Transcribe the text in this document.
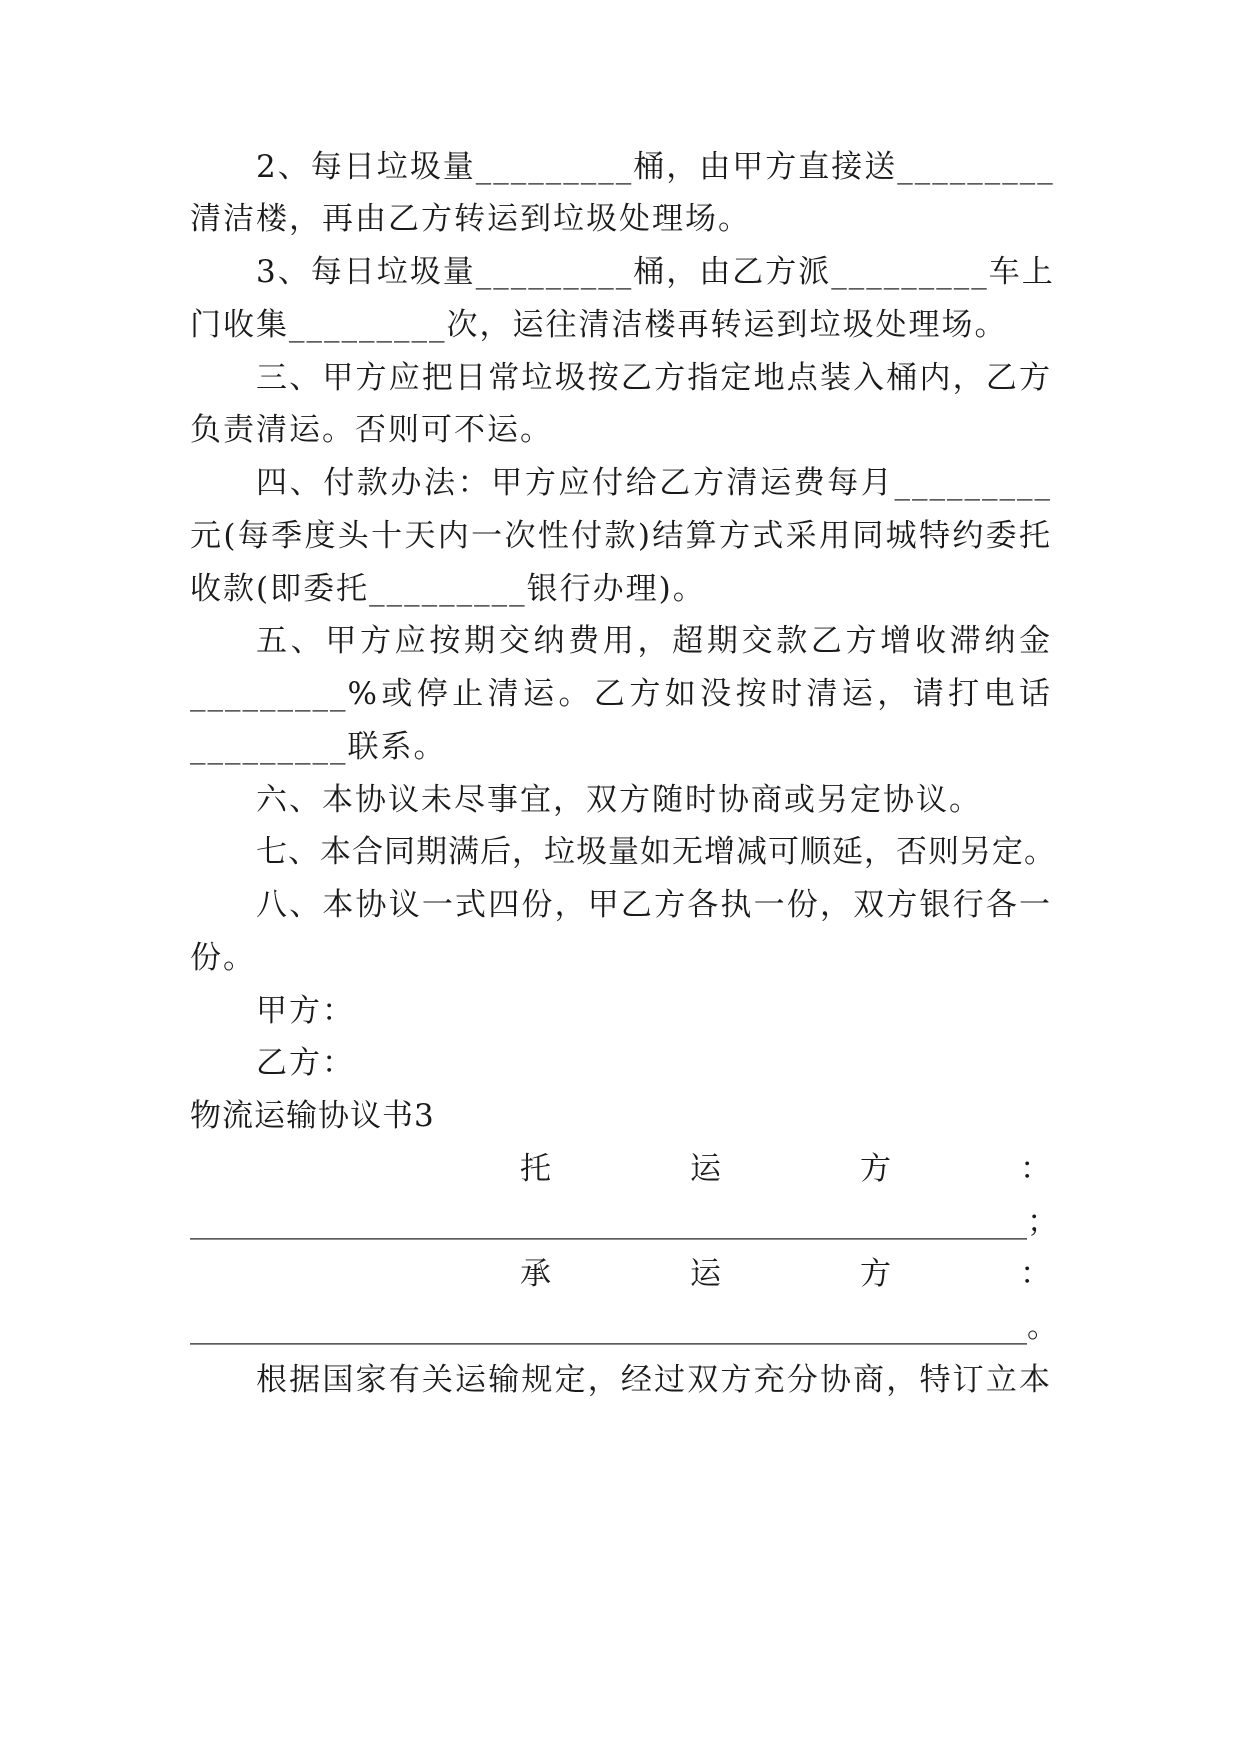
2、每日垃圾量_________桶，由甲方直接送_________
清洁楼，再由乙方转运到垃圾处理场。
3、每日垃圾量_________桶，由乙方派_________车上
门收集_________次，运往清洁楼再转运到垃圾处理场。
三、甲方应把日常垃圾按乙方指定地点装入桶内，乙方
负责清运。否则可不运。
四、付款办法：甲方应付给乙方清运费每月_________
元(每季度头十天内一次性付款)结算方式采用同城特约委托
收款(即委托_________银行办理)。
五、甲方应按期交纳费用，超期交款乙方增收滞纳金
_________%或停止清运。乙方如没按时清运，请打电话
_________联系。
六、本协议未尽事宜，双方随时协商或另定协议。
七、本合同期满后，垃圾量如无增减可顺延，否则另定。
八、本协议一式四份，甲乙方各执一份，双方银行各一
份。
甲方：
乙方：
物流运输协议书3
托	运	方	：
______________________________________________________；
承	运	方	：
______________________________________________________。
根据国家有关运输规定，经过双方充分协商，特订立本
